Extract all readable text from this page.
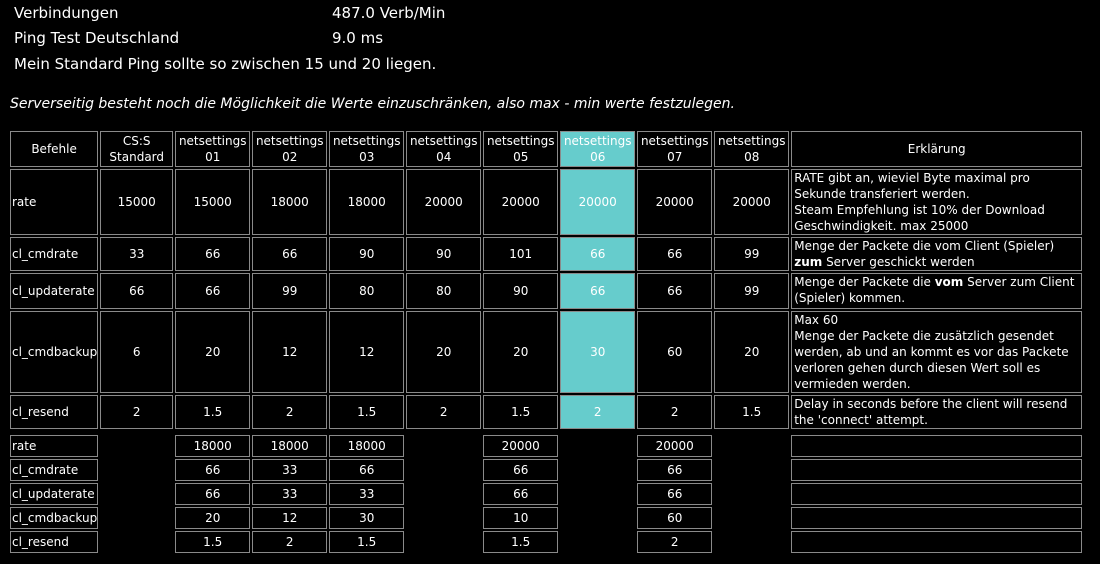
Verbindungen	487.0 Verb/Min
Ping Test Deutschland	9.0 ms
Mein Standard Ping sollte so zwischen 15 und 20 liegen.
Serverseitig besteht noch die Möglichkeit die Werte einzuschränken, also max - min werte festzulegen.
Befehle	CS:S Standard	netsettings 01	netsettings 02	netsettings 03	netsettings 04	netsettings 05	netsettings 06	netsettings 07	netsettings 08	Erklärung
rate	15000	15000	18000	18000	20000	20000	20000	20000	20000	RATE gibt an, wieviel Byte maximal pro Sekunde transferiert werden.
Steam Empfehlung ist 10% der Download Geschwindigkeit. max 25000

cl_cmdrate	33	66	66	90	90	101	66	66	99	Menge der Packete die vom Client (Spieler) zum Server geschickt werden
cl_updaterate	66	66	99	80	80	90	66	66	99	Menge der Packete die vom Server zum Client (Spieler) kommen.
cl_cmdbackup	6	20	12	12	20	20	30	60	20	Max 60
Menge der Packete die zusätzlich gesendet werden, ab und an kommt es vor das Packete verloren gehen durch diesen Wert soll es vermieden werden.

cl_resend	2	1.5	2	1.5	2	1.5	2	2	1.5	Delay in seconds before the client will resend the 'connect' attempt.
rate		18000	18000	18000		20000		20000		
cl_cmdrate		66	33	66		66		66		
cl_updaterate		66	33	33		66		66		
cl_cmdbackup		20	12	30		10		60		
cl_resend		1.5	2	1.5		1.5		2		
